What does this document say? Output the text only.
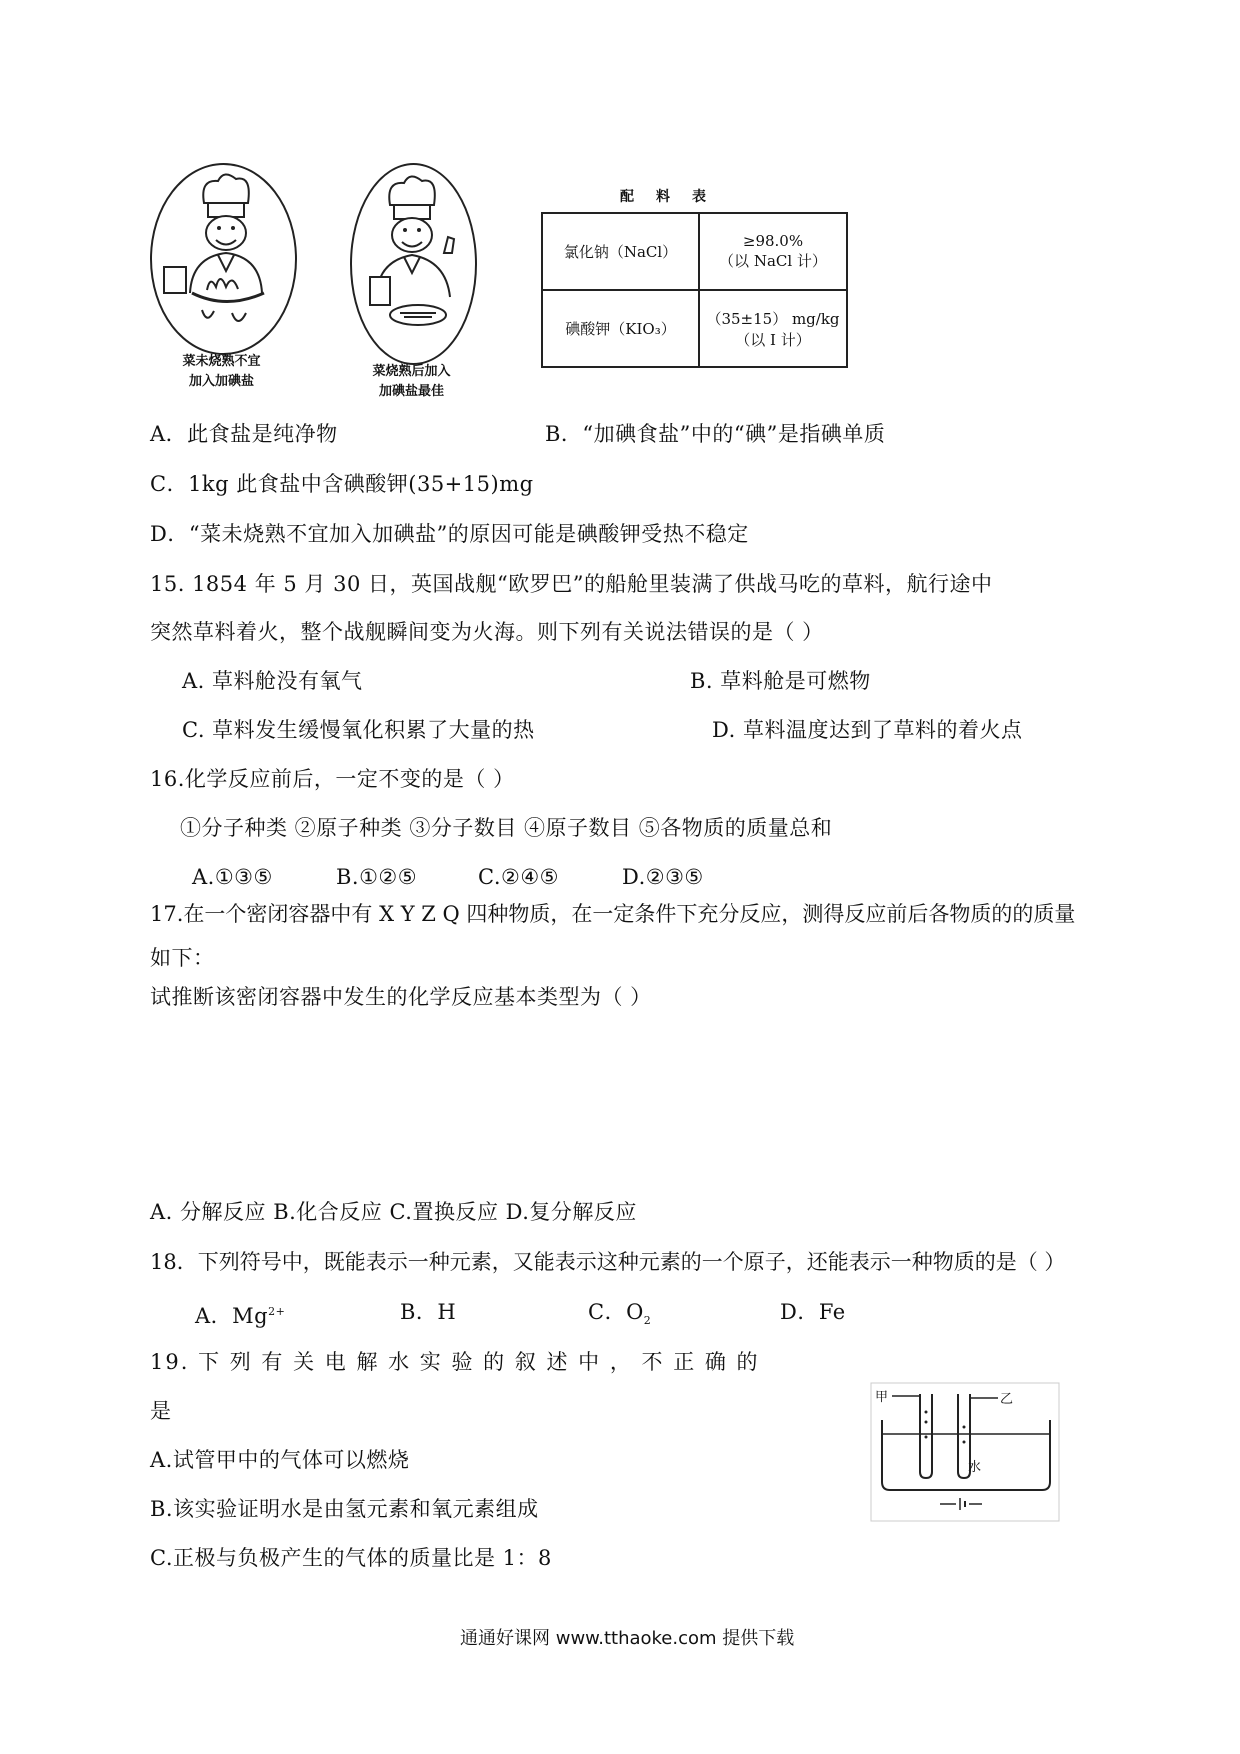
菜未烧熟不宜
加入加碘盐
菜烧熟后加入
加碘盐最佳
配料表
氯化钠（NaCl）	≥98.0%
（以 NaCl 计）

碘酸钾（KIO₃）	（35±15） mg/kg
（以 I 计）
A．此食盐是纯净物	B．“加碘食盐”中的“碘”是指碘单质
C．1kg 此食盐中含碘酸钾(35+15)mg
D．“菜未烧熟不宜加入加碘盐”的原因可能是碘酸钾受热不稳定
15. 1854 年 5 月 30 日，英国战舰“欧罗巴”的船舱里装满了供战马吃的草料，航行途中
突然草料着火，整个战舰瞬间变为火海。则下列有关说法错误的是（ ）
A. 草料舱没有氧气	B. 草料舱是可燃物
C. 草料发生缓慢氧化积累了大量的热	D. 草料温度达到了草料的着火点
16.化学反应前后，一定不变的是（ ）
①分子种类 ②原子种类 ③分子数目 ④原子数目 ⑤各物质的质量总和
A.①③⑤	B.①②⑤	C.②④⑤	D.②③⑤
17.在一个密闭容器中有 X Y Z Q 四种物质，在一定条件下充分反应，测得反应前后各物质的的质量
如下：
试推断该密闭容器中发生的化学反应基本类型为（ ）
A. 分解反应 B.化合反应 C.置换反应 D.复分解反应
18．下列符号中，既能表示一种元素，又能表示这种元素的一个原子，还能表示一种物质的是（ ）
A．$Mg^{2+}$	B．H	C．$O_2$	D．Fe
19. 下 列 有 关 电 解 水 实 验 的 叙 述 中 ， 不 正 确 的
是
A.试管甲中的气体可以燃烧
B.该实验证明水是由氢元素和氧元素组成
C.正极与负极产生的气体的质量比是 1：8
甲	乙
水
通通好课网 www.tthaoke.com 提供下载
